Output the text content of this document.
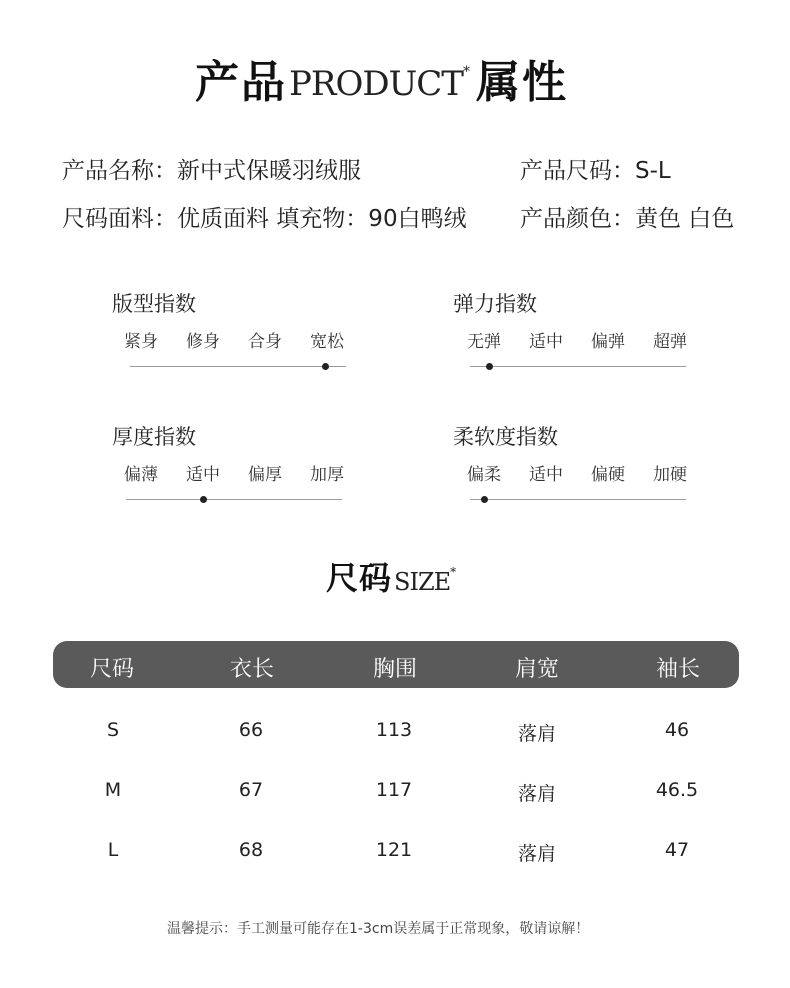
产品 PRODUCT * 属性
产品名称：新中式保暖羽绒服	产品尺码：S-L
尺码面料：优质面料 填充物：90白鸭绒 产品颜色：黄色 白色
版型指数
紧身 修身 合身 宽松
弹力指数
无弹 适中 偏弹 超弹
厚度指数
偏薄 适中 偏厚 加厚
柔软度指数
偏柔 适中 偏硬 加硬
尺码 SIZE *
尺码	衣长	胸围	肩宽	袖长
S	66	113	落肩	46
M	67	117	落肩	46.5
L	68	121	落肩	47
温馨提示：手工测量可能存在1-3cm误差属于正常现象，敬请谅解！
